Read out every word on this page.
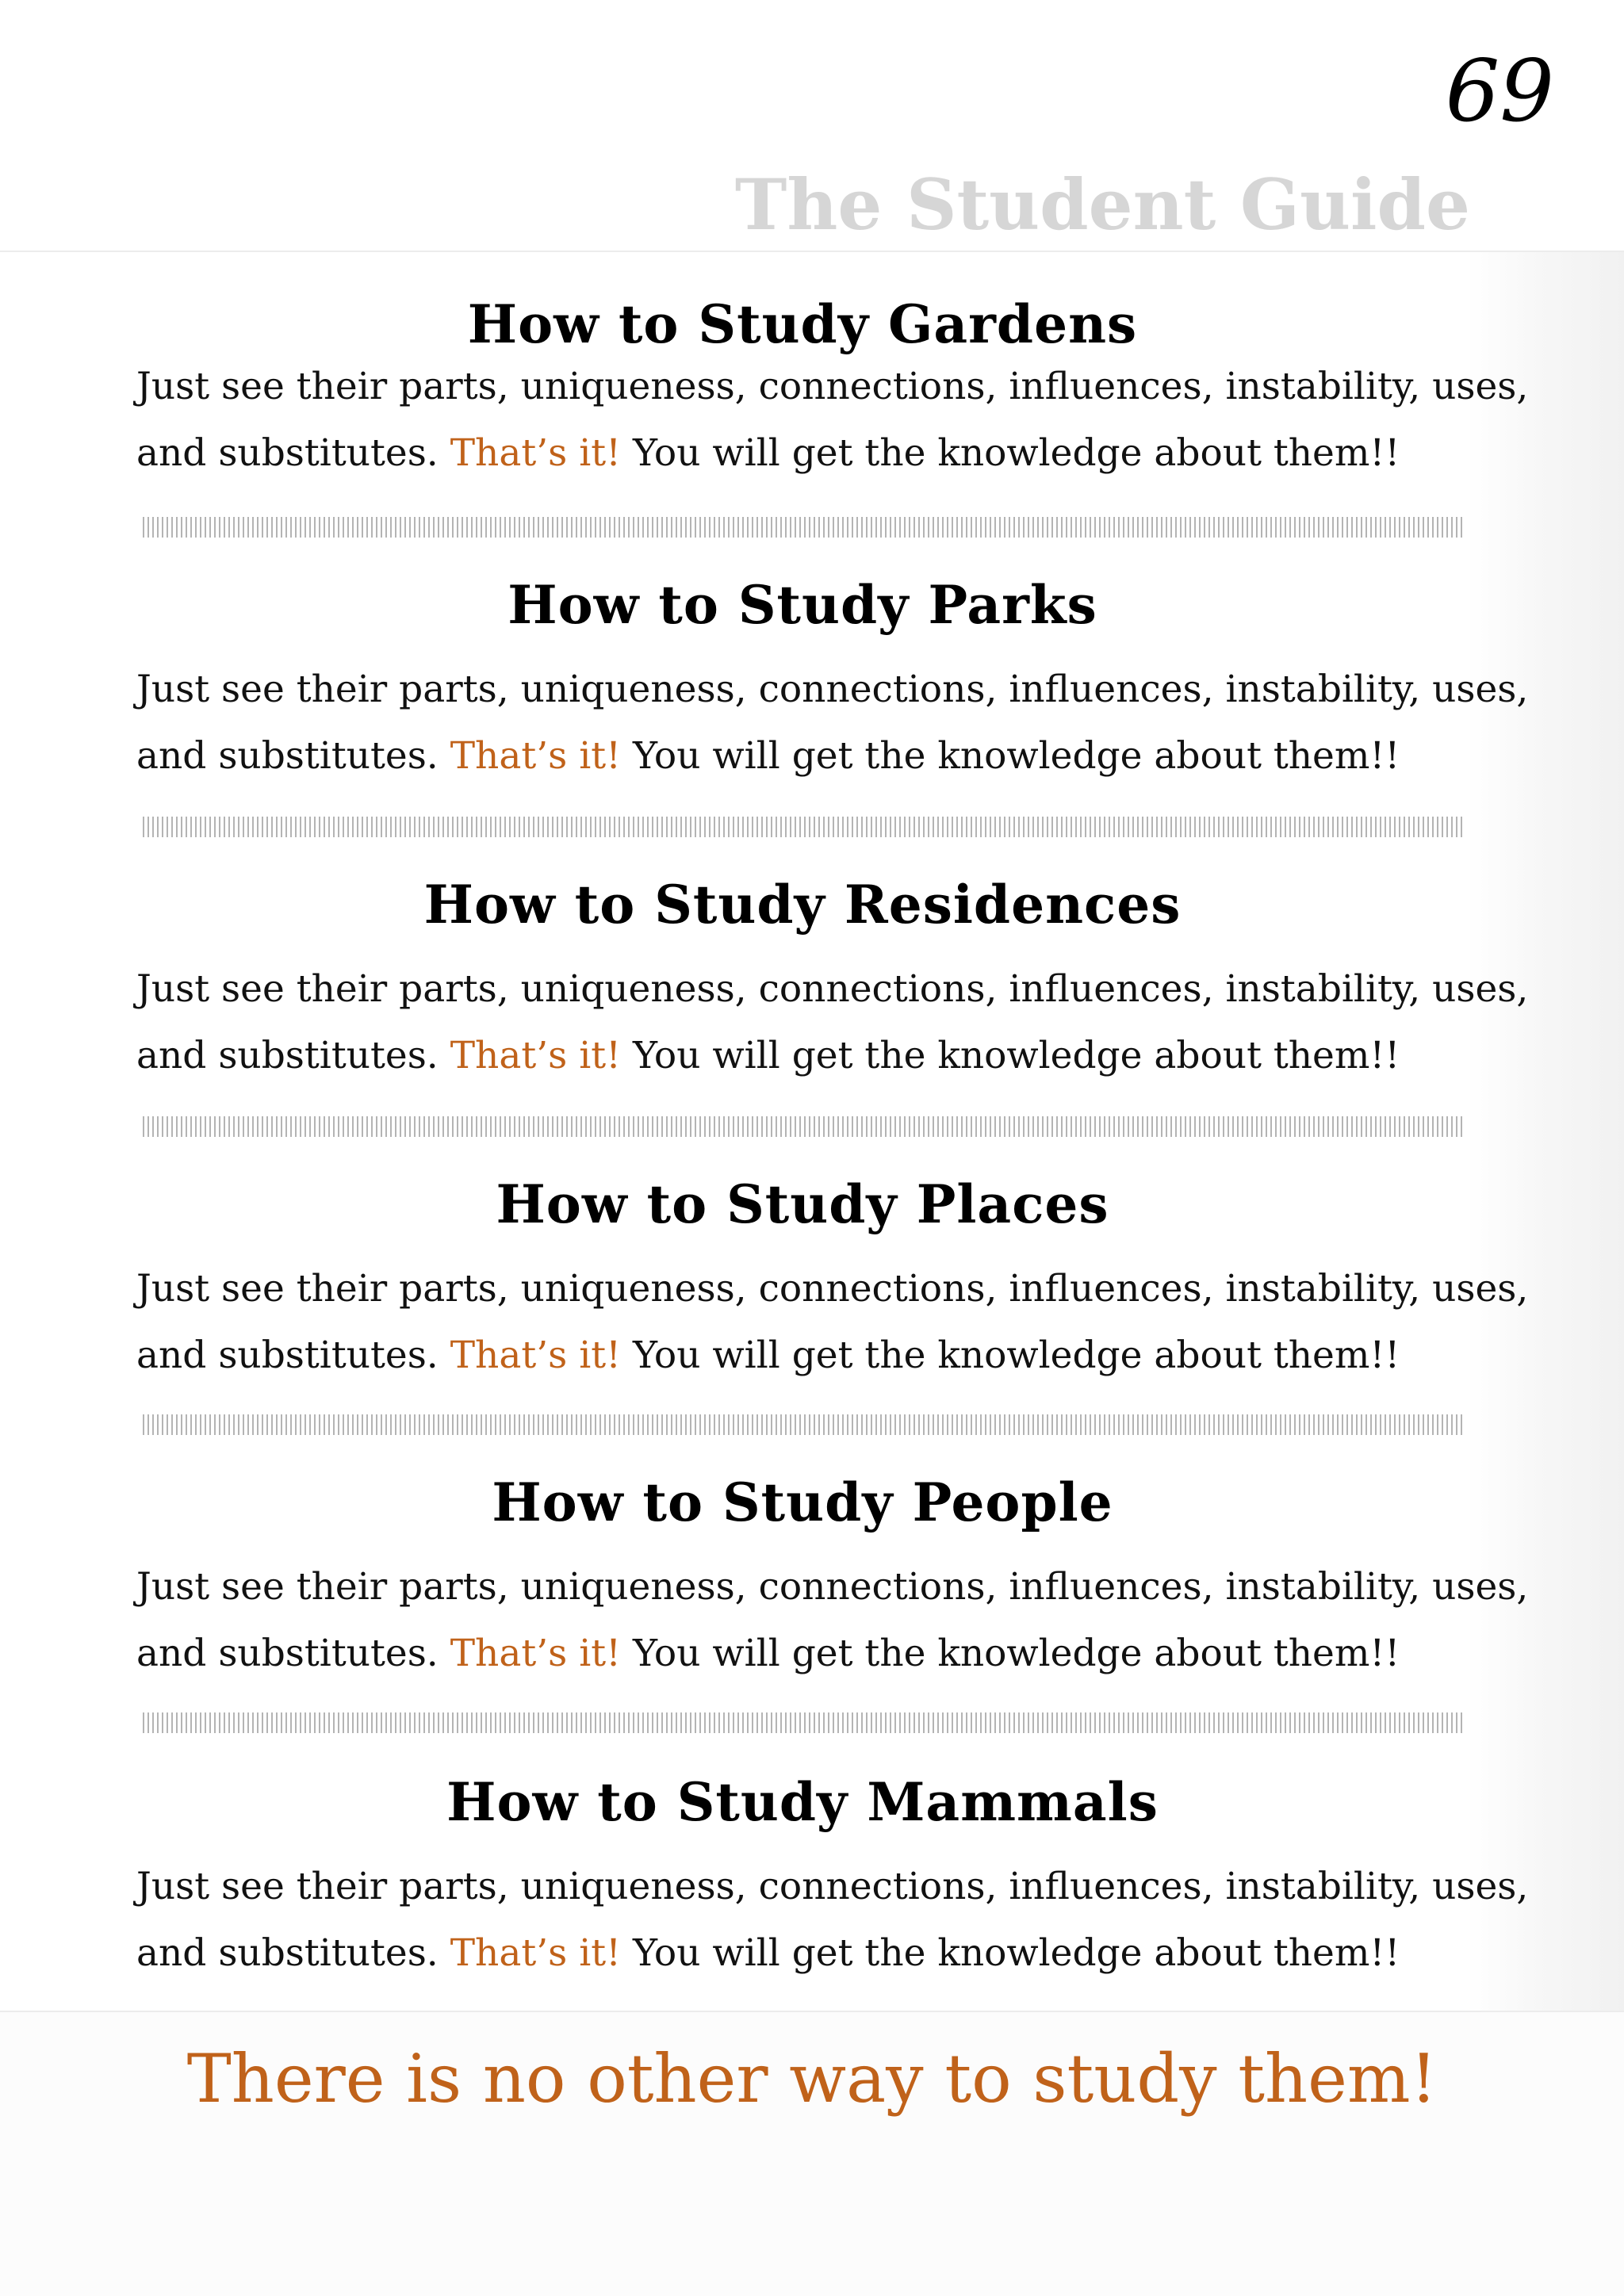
69
The Student Guide
How to Study Gardens

Just see their parts, uniqueness, connections, influences, instability, uses,
and substitutes. That’s it! You will get the knowledge about them!!

How to Study Parks

Just see their parts, uniqueness, connections, influences, instability, uses,
and substitutes. That’s it! You will get the knowledge about them!!

How to Study Residences

Just see their parts, uniqueness, connections, influences, instability, uses,
and substitutes. That’s it! You will get the knowledge about them!!

How to Study Places

Just see their parts, uniqueness, connections, influences, instability, uses,
and substitutes. That’s it! You will get the knowledge about them!!

How to Study People

Just see their parts, uniqueness, connections, influences, instability, uses,
and substitutes. That’s it! You will get the knowledge about them!!

How to Study Mammals

Just see their parts, uniqueness, connections, influences, instability, uses,
and substitutes. That’s it! You will get the knowledge about them!!

There is no other way to study them!
